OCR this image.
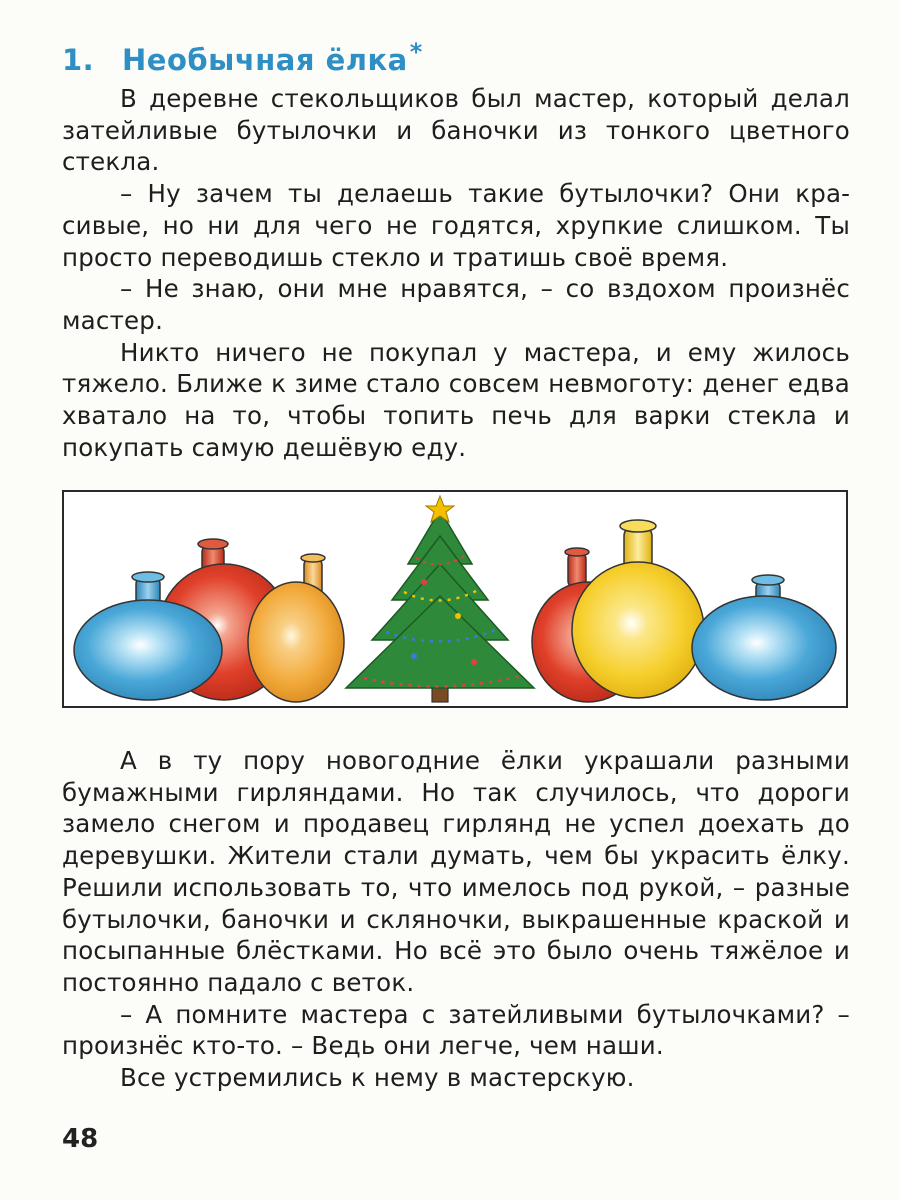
1. Необычная ёлка*

В деревне стекольщиков был мастер, который делал затейливые бутылочки и баночки из тонкого цветного стекла.

– Ну зачем ты делаешь такие бутылочки? Они красивые, но ни для чего не годятся, хрупкие слишком. Ты просто переводишь стекло и тратишь своё время.

– Не знаю, они мне нравятся, – со вздохом произнёс мастер.

Никто ничего не покупал у мастера, и ему жилось тяжело. Ближе к зиме стало совсем невмоготу: денег едва хватало на то, чтобы топить печь для варки стекла и покупать самую дешёвую еду.

А в ту пору новогодние ёлки украшали разными бумажными гирляндами. Но так случилось, что дороги замело снегом и продавец гирлянд не успел доехать до деревушки. Жители стали думать, чем бы украсить ёлку. Решили использовать то, что имелось под рукой, – разные бутылочки, баночки и скляночки, выкрашенные краской и посыпанные блёстками. Но всё это было очень тяжёлое и постоянно падало с веток.

– А помните мастера с затейливыми бутылочками? – произнёс кто-то. – Ведь они легче, чем наши.

Все устремились к нему в мастерскую.

48
